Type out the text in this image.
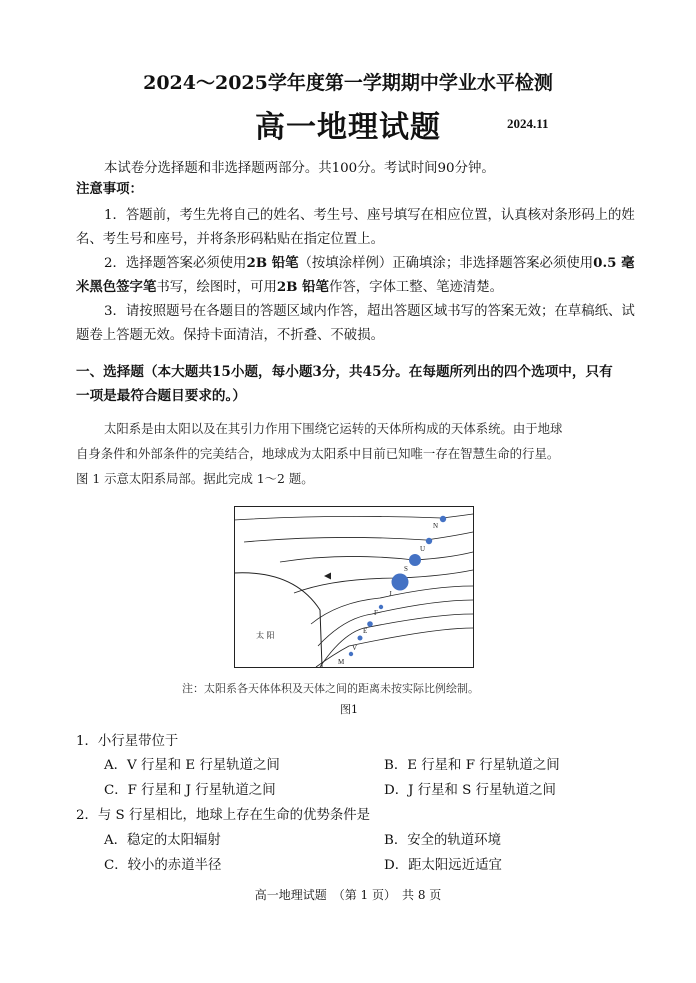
2024～2025学年度第一学期期中学业水平检测
高一地理试题	2024.11
本试卷分选择题和非选择题两部分。共100分。考试时间90分钟。
注意事项：
1．答题前，考生先将自己的姓名、考生号、座号填写在相应位置，认真核对条形码上的姓
名、考生号和座号，并将条形码粘贴在指定位置上。
2．选择题答案必须使用2B 铅笔（按填涂样例）正确填涂；非选择题答案必须使用0.5 毫
米黑色签字笔书写，绘图时，可用2B 铅笔作答，字体工整、笔迹清楚。
3．请按照题号在各题目的答题区域内作答，超出答题区域书写的答案无效；在草稿纸、试
题卷上答题无效。保持卡面清洁，不折叠、不破损。
一、选择题（本大题共15小题，每小题3分，共45分。在每题所列出的四个选项中，只有
一项是最符合题目要求的。）
太阳系是由太阳以及在其引力作用下围绕它运转的天体所构成的天体系统。由于地球
自身条件和外部条件的完美结合，地球成为太阳系中目前已知唯一存在智慧生命的行星。
图 1 示意太阳系局部。据此完成 1～2 题。
太 阳
M
V
E
F
J
S
U
N
注：太阳系各天体体积及天体之间的距离未按实际比例绘制。
图1
1．小行星带位于
A．V 行星和 E 行星轨道之间	B．E 行星和 F 行星轨道之间
C．F 行星和 J 行星轨道之间	D．J 行星和 S 行星轨道之间
2．与 S 行星相比，地球上存在生命的优势条件是
A．稳定的太阳辐射	B．安全的轨道环境
C．较小的赤道半径	D．距太阳远近适宜
高一地理试题　（第 1 页）　共 8 页
